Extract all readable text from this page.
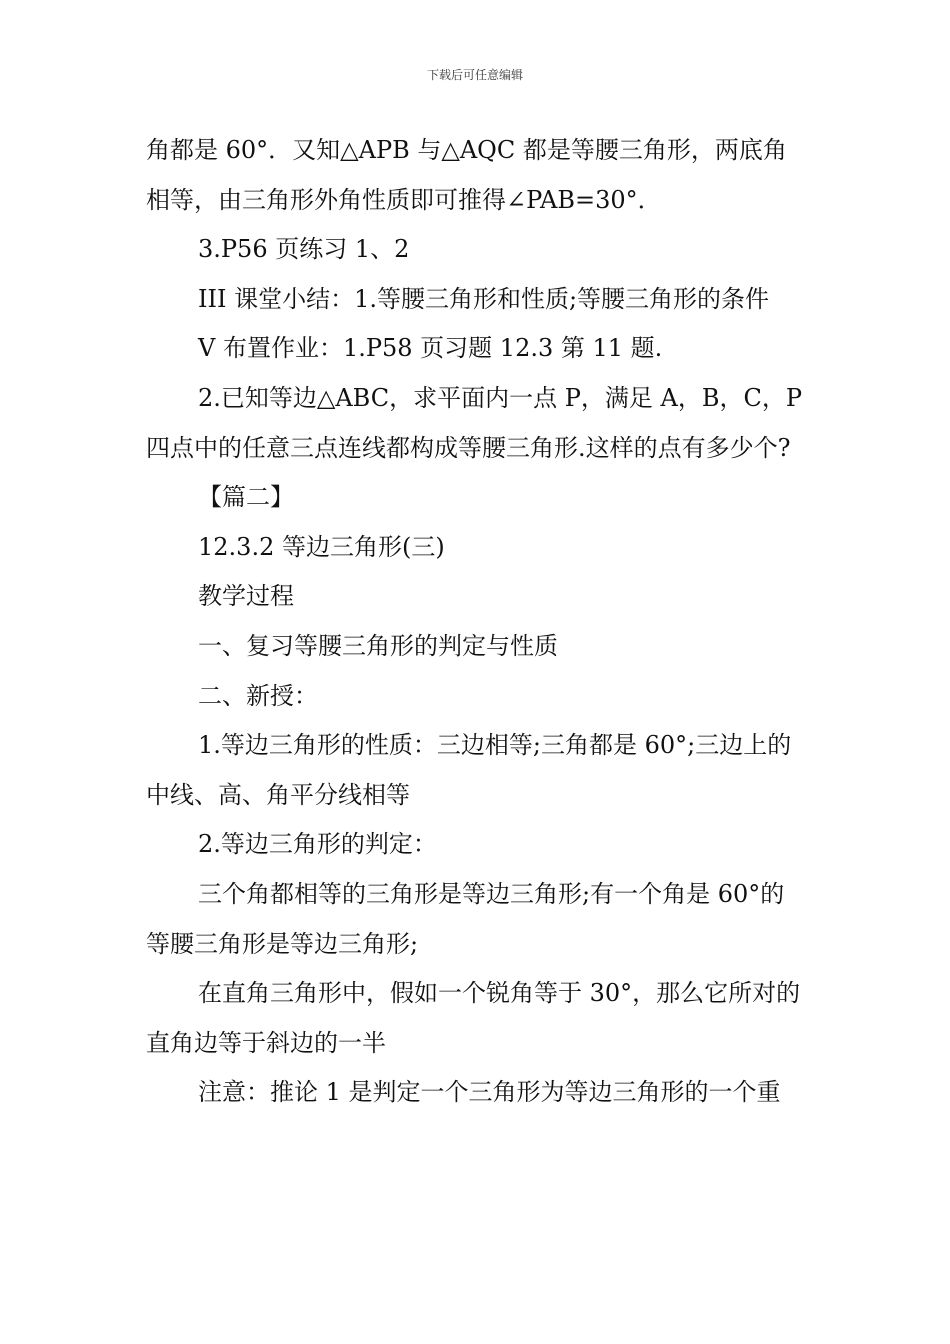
下载后可任意编辑

角都是 60°．又知△APB 与△AQC 都是等腰三角形，两底角相等，由三角形外角性质即可推得∠PAB=30°．

3.P56 页练习 1、2

III 课堂小结：1.等腰三角形和性质;等腰三角形的条件

V 布置作业：1.P58 页习题 12.3 第 11 题.

2.已知等边△ABC，求平面内一点 P，满足 A，B，C，P 四点中的任意三点连线都构成等腰三角形.这样的点有多少个?

【篇二】

12.3.2 等边三角形(三)

教学过程

一、复习等腰三角形的判定与性质

二、新授：

1.等边三角形的性质：三边相等;三角都是 60°;三边上的中线、高、角平分线相等

2.等边三角形的判定：

三个角都相等的三角形是等边三角形;有一个角是 60°的等腰三角形是等边三角形;

在直角三角形中，假如一个锐角等于 30°，那么它所对的直角边等于斜边的一半

注意：推论 1 是判定一个三角形为等边三角形的一个重
